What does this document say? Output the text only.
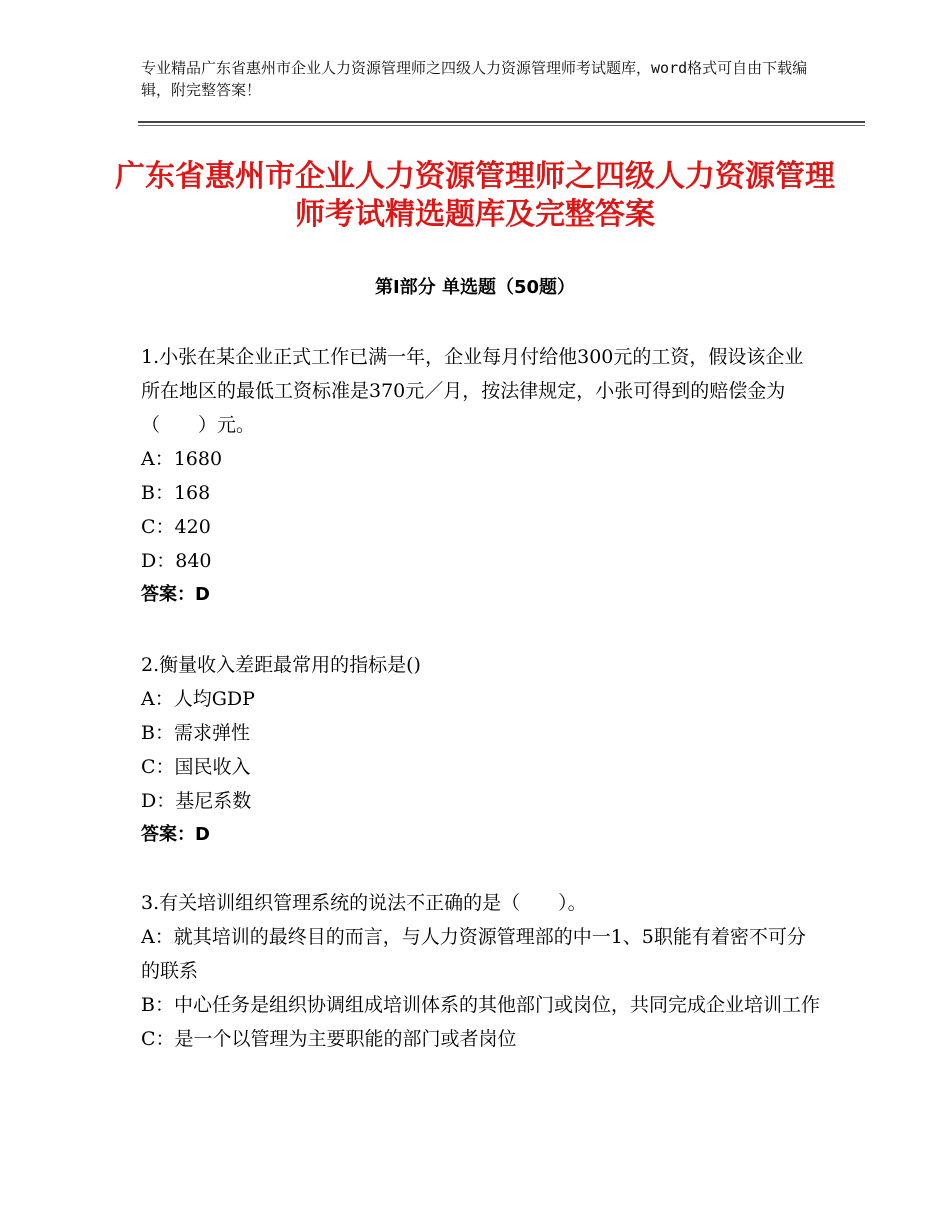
专业精品广东省惠州市企业人力资源管理师之四级人力资源管理师考试题库，word格式可自由下载编辑，附完整答案！
广东省惠州市企业人力资源管理师之四级人力资源管理师考试精选题库及完整答案
第Ⅰ部分 单选题（50题）
1.小张在某企业正式工作已满一年，企业每月付给他300元的工资，假设该企业所在地区的最低工资标准是370元／月，按法律规定，小张可得到的赔偿金为（　　）元。
A：1680
B：168
C：420
D：840
答案：D
2.衡量收入差距最常用的指标是()
A：人均GDP
B：需求弹性
C：国民收入
D：基尼系数
答案：D
3.有关培训组织管理系统的说法不正确的是（　　）。
A：就其培训的最终目的而言，与人力资源管理部的中一1、5职能有着密不可分的联系
B：中心任务是组织协调组成培训体系的其他部门或岗位，共同完成企业培训工作
C：是一个以管理为主要职能的部门或者岗位
